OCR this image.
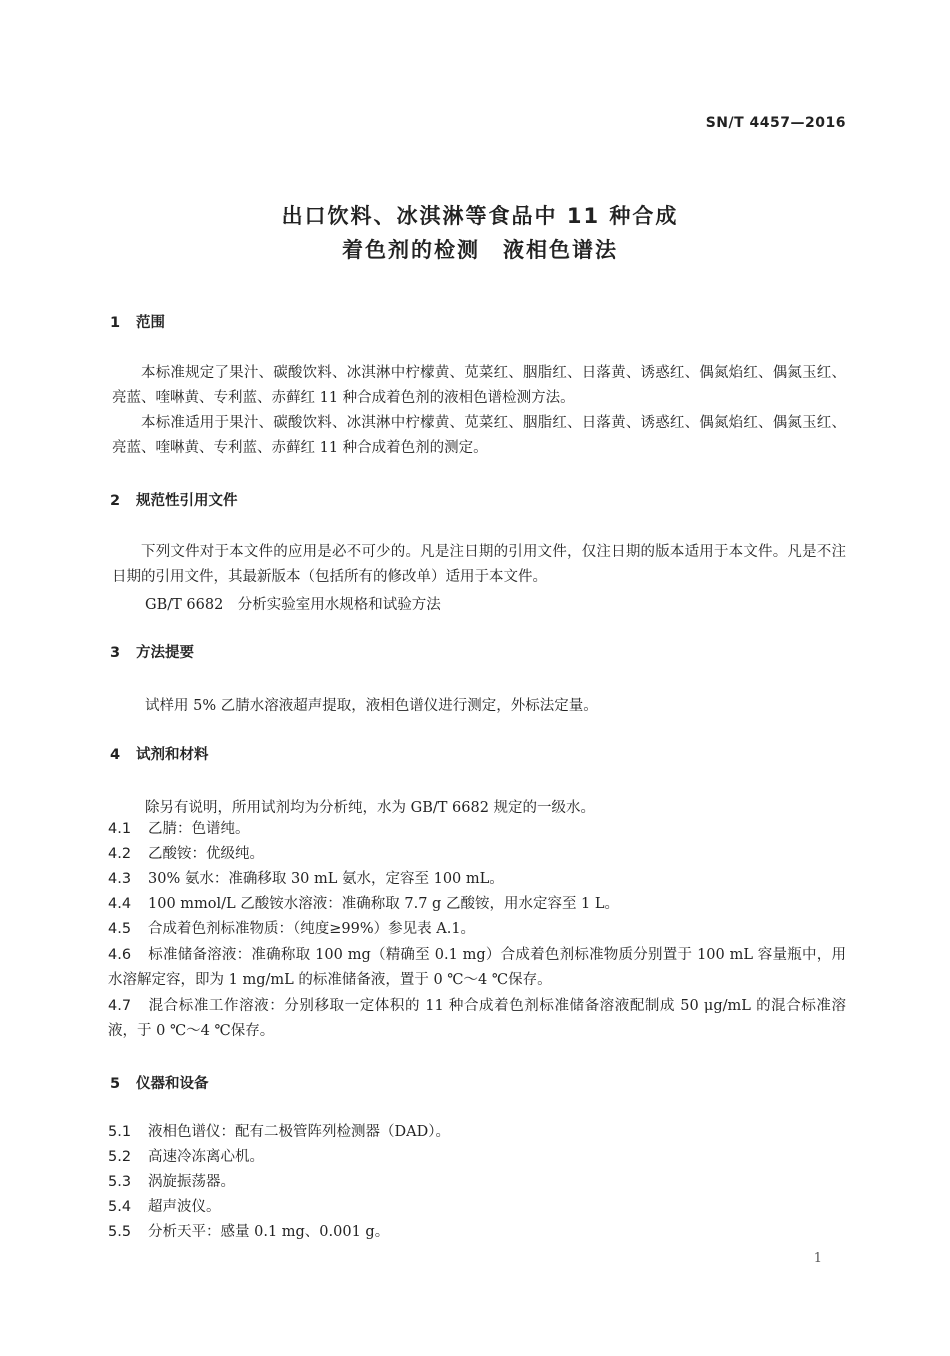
SN/T 4457—2016
出口饮料、冰淇淋等食品中 11 种合成
着色剂的检测　液相色谱法
1 范围

本标准规定了果汁、碳酸饮料、冰淇淋中柠檬黄、苋菜红、胭脂红、日落黄、诱惑红、偶氮焰红、偶氮玉红、亮蓝、喹啉黄、专利蓝、赤藓红 11 种合成着色剂的液相色谱检测方法。

本标准适用于果汁、碳酸饮料、冰淇淋中柠檬黄、苋菜红、胭脂红、日落黄、诱惑红、偶氮焰红、偶氮玉红、亮蓝、喹啉黄、专利蓝、赤藓红 11 种合成着色剂的测定。

2 规范性引用文件

下列文件对于本文件的应用是必不可少的。凡是注日期的引用文件，仅注日期的版本适用于本文件。凡是不注日期的引用文件，其最新版本（包括所有的修改单）适用于本文件。

GB/T 6682　分析实验室用水规格和试验方法
3 方法提要
试样用 5% 乙腈水溶液超声提取，液相色谱仪进行测定，外标法定量。
4 试剂和材料
除另有说明，所用试剂均为分析纯，水为 GB/T 6682 规定的一级水。

4.1 乙腈：色谱纯。

4.2 乙酸铵：优级纯。

4.3 30% 氨水：准确移取 30 mL 氨水，定容至 100 mL。

4.4 100 mmol/L 乙酸铵水溶液：准确称取 7.7 g 乙酸铵，用水定容至 1 L。

4.5 合成着色剂标准物质：（纯度≥99%）参见表 A.1。

4.6 标准储备溶液：准确称取 100 mg（精确至 0.1 mg）合成着色剂标准物质分别置于 100 mL 容量瓶中，用水溶解定容，即为 1 mg/mL 的标准储备液，置于 0 ℃～4 ℃保存。

4.7 混合标准工作溶液：分别移取一定体积的 11 种合成着色剂标准储备溶液配制成 50 μg/mL 的混合标准溶液，于 0 ℃～4 ℃保存。

5 仪器和设备

5.1 液相色谱仪：配有二极管阵列检测器（DAD）。

5.2 高速冷冻离心机。

5.3 涡旋振荡器。

5.4 超声波仪。

5.5 分析天平：感量 0.1 mg、0.001 g。

1
